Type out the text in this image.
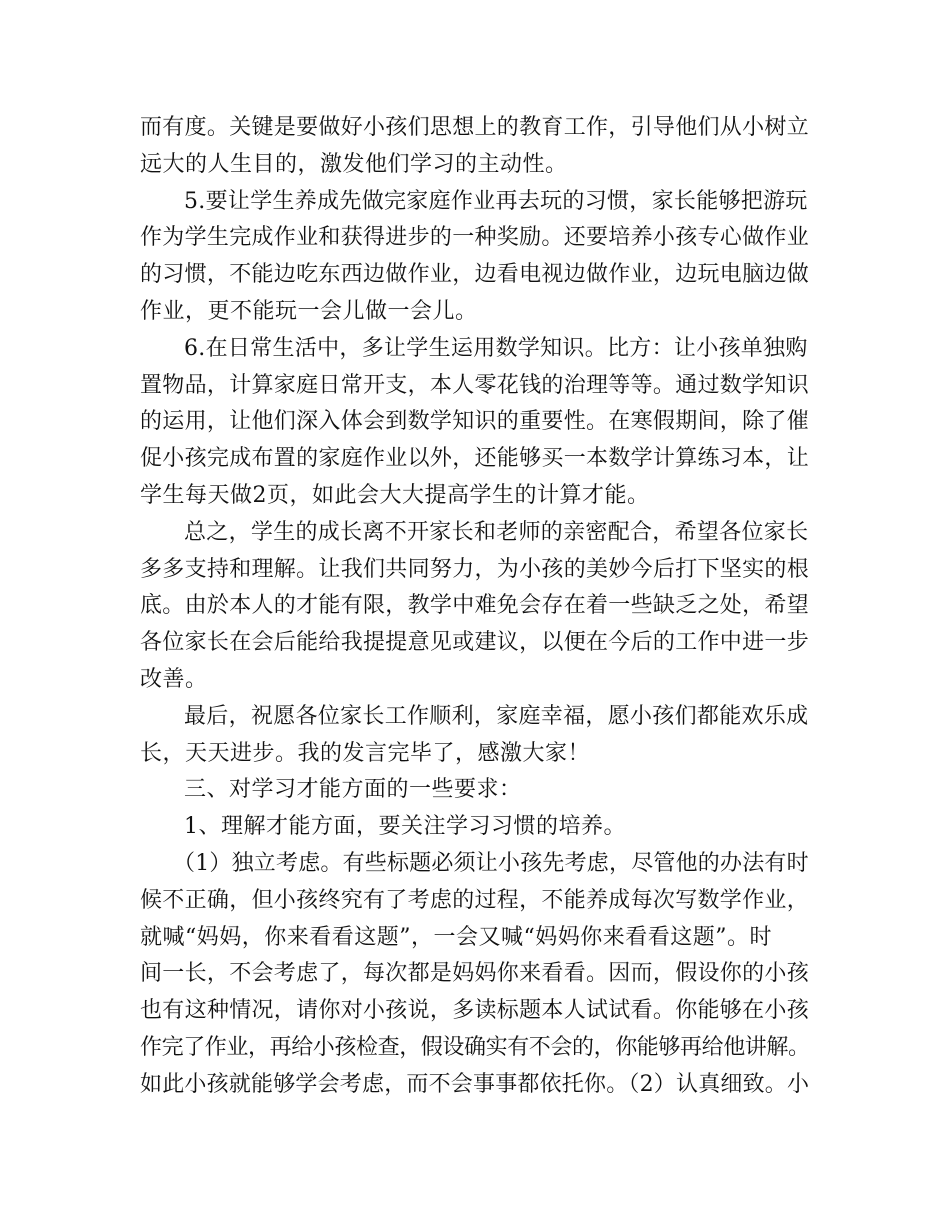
而有度。关键是要做好小孩们思想上的教育工作，引导他们从小树立
远大的人生目的，激发他们学习的主动性。
5.要让学生养成先做完家庭作业再去玩的习惯，家长能够把游玩
作为学生完成作业和获得进步的一种奖励。还要培养小孩专心做作业
的习惯，不能边吃东西边做作业，边看电视边做作业，边玩电脑边做
作业，更不能玩一会儿做一会儿。
6.在日常生活中，多让学生运用数学知识。比方：让小孩单独购
置物品，计算家庭日常开支，本人零花钱的治理等等。通过数学知识
的运用，让他们深入体会到数学知识的重要性。在寒假期间，除了催
促小孩完成布置的家庭作业以外，还能够买一本数学计算练习本，让
学生每天做2页，如此会大大提高学生的计算才能。
总之，学生的成长离不开家长和老师的亲密配合，希望各位家长
多多支持和理解。让我们共同努力，为小孩的美妙今后打下坚实的根
底。由於本人的才能有限，教学中难免会存在着一些缺乏之处，希望
各位家长在会后能给我提提意见或建议，以便在今后的工作中进一步
改善。
最后，祝愿各位家长工作顺利，家庭幸福，愿小孩们都能欢乐成
长，天天进步。我的发言完毕了，感激大家！
三、对学习才能方面的一些要求：
1、理解才能方面，要关注学习习惯的培养。
（1）独立考虑。有些标题必须让小孩先考虑，尽管他的办法有时
候不正确，但小孩终究有了考虑的过程，不能养成每次写数学作业，
就喊“妈妈，你来看看这题”，一会又喊“妈妈你来看看这题”。时
间一长，不会考虑了，每次都是妈妈你来看看。因而，假设你的小孩
也有这种情况，请你对小孩说，多读标题本人试试看。你能够在小孩
作完了作业，再给小孩检查，假设确实有不会的，你能够再给他讲解。
如此小孩就能够学会考虑，而不会事事都依托你。（2）认真细致。小
